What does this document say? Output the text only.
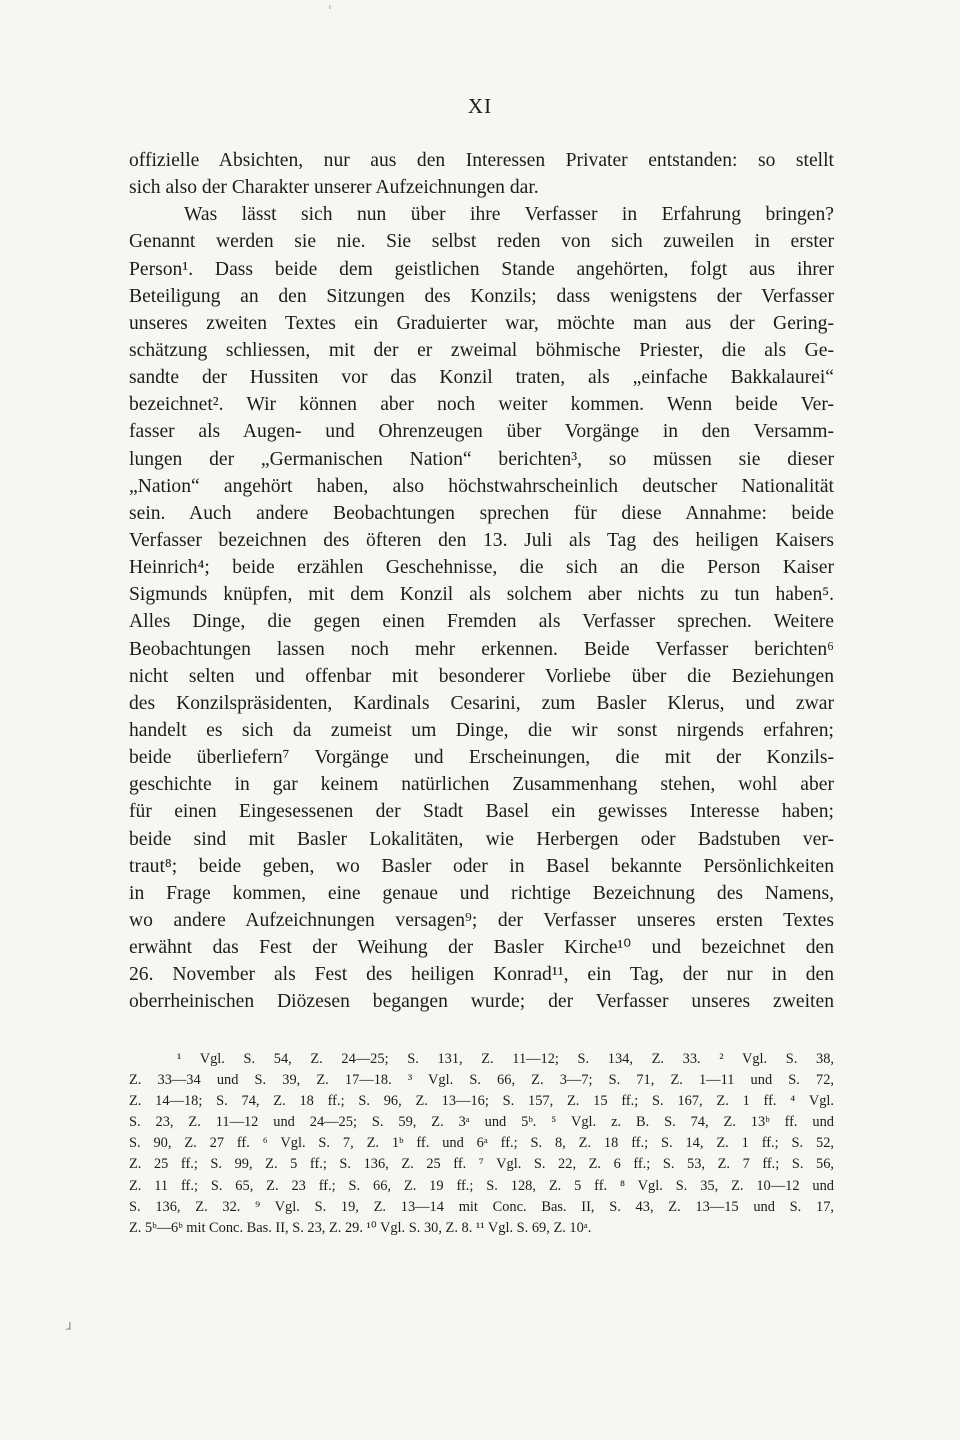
XI
offizielle Absichten, nur aus den Interessen Privater entstanden: so stellt
sich also der Charakter unserer Aufzeichnungen dar.
Was lässt sich nun über ihre Verfasser in Erfahrung bringen?
Genannt werden sie nie. Sie selbst reden von sich zuweilen in erster
Person¹. Dass beide dem geistlichen Stande angehörten, folgt aus ihrer
Beteiligung an den Sitzungen des Konzils; dass wenigstens der Verfasser
unseres zweiten Textes ein Graduierter war, möchte man aus der Gering-
schätzung schliessen, mit der er zweimal böhmische Priester, die als Ge-
sandte der Hussiten vor das Konzil traten, als „einfache Bakkalaurei“
bezeichnet². Wir können aber noch weiter kommen. Wenn beide Ver-
fasser als Augen- und Ohrenzeugen über Vorgänge in den Versamm-
lungen der „Germanischen Nation“ berichten³, so müssen sie dieser
„Nation“ angehört haben, also höchstwahrscheinlich deutscher Nationalität
sein. Auch andere Beobachtungen sprechen für diese Annahme: beide
Verfasser bezeichnen des öfteren den 13. Juli als Tag des heiligen Kaisers
Heinrich⁴; beide erzählen Geschehnisse, die sich an die Person Kaiser
Sigmunds knüpfen, mit dem Konzil als solchem aber nichts zu tun haben⁵.
Alles Dinge, die gegen einen Fremden als Verfasser sprechen. Weitere
Beobachtungen lassen noch mehr erkennen. Beide Verfasser berichten⁶
nicht selten und offenbar mit besonderer Vorliebe über die Beziehungen
des Konzilspräsidenten, Kardinals Cesarini, zum Basler Klerus, und zwar
handelt es sich da zumeist um Dinge, die wir sonst nirgends erfahren;
beide überliefern⁷ Vorgänge und Erscheinungen, die mit der Konzils-
geschichte in gar keinem natürlichen Zusammenhang stehen, wohl aber
für einen Eingesessenen der Stadt Basel ein gewisses Interesse haben;
beide sind mit Basler Lokalitäten, wie Herbergen oder Badstuben ver-
traut⁸; beide geben, wo Basler oder in Basel bekannte Persönlichkeiten
in Frage kommen, eine genaue und richtige Bezeichnung des Namens,
wo andere Aufzeichnungen versagen⁹; der Verfasser unseres ersten Textes
erwähnt das Fest der Weihung der Basler Kirche¹⁰ und bezeichnet den
26. November als Fest des heiligen Konrad¹¹, ein Tag, der nur in den
oberrheinischen Diözesen begangen wurde; der Verfasser unseres zweiten
¹ Vgl. S. 54, Z. 24—25; S. 131, Z. 11—12; S. 134, Z. 33. ² Vgl. S. 38,
Z. 33—34 und S. 39, Z. 17—18. ³ Vgl. S. 66, Z. 3—7; S. 71, Z. 1—11 und S. 72,
Z. 14—18; S. 74, Z. 18 ff.; S. 96, Z. 13—16; S. 157, Z. 15 ff.; S. 167, Z. 1 ff. ⁴ Vgl.
S. 23, Z. 11—12 und 24—25; S. 59, Z. 3ᵃ und 5ᵇ. ⁵ Vgl. z. B. S. 74, Z. 13ᵇ ff. und
S. 90, Z. 27 ff. ⁶ Vgl. S. 7, Z. 1ᵇ ff. und 6ᵃ ff.; S. 8, Z. 18 ff.; S. 14, Z. 1 ff.; S. 52,
Z. 25 ff.; S. 99, Z. 5 ff.; S. 136, Z. 25 ff. ⁷ Vgl. S. 22, Z. 6 ff.; S. 53, Z. 7 ff.; S. 56,
Z. 11 ff.; S. 65, Z. 23 ff.; S. 66, Z. 19 ff.; S. 128, Z. 5 ff. ⁸ Vgl. S. 35, Z. 10—12 und
S. 136, Z. 32. ⁹ Vgl. S. 19, Z. 13—14 mit Conc. Bas. II, S. 43, Z. 13—15 und S. 17,
Z. 5ᵇ—6ᵇ mit Conc. Bas. II, S. 23, Z. 29. ¹⁰ Vgl. S. 30, Z. 8. ¹¹ Vgl. S. 69, Z. 10ᵃ.
ˈ
ɹ
